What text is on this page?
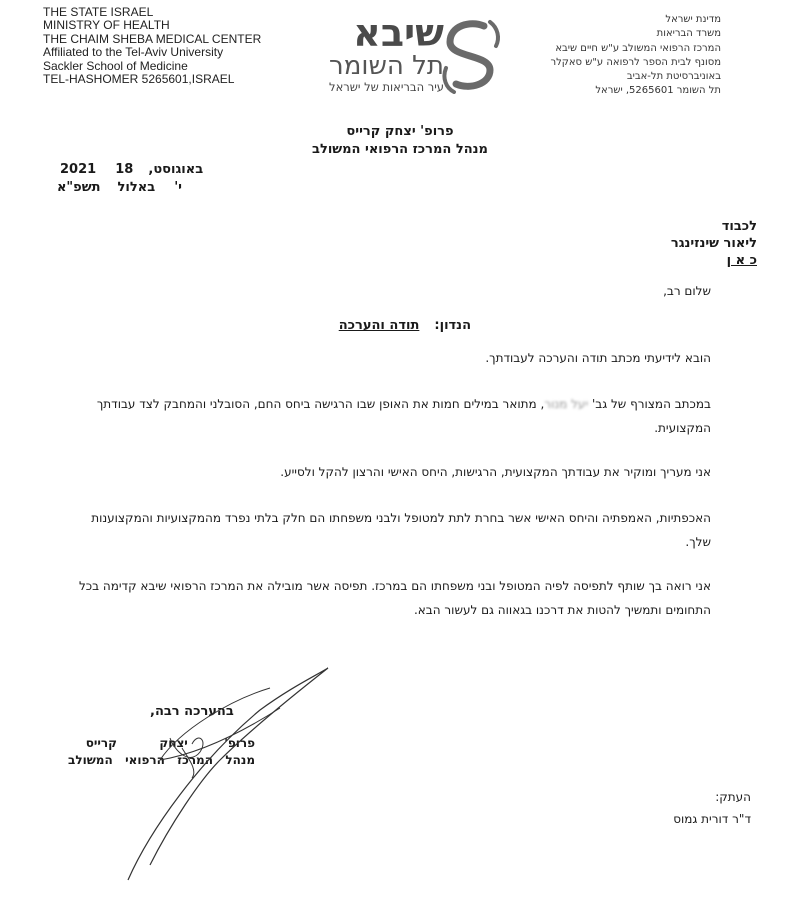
THE STATE ISRAEL
MINISTRY OF HEALTH
THE CHAIM SHEBA MEDICAL CENTER
Affiliated to the Tel-Aviv University
Sackler School of Medicine
TEL-HASHOMER 5265601,ISRAEL
שיבא
תל השומר
עיר הבריאות של ישראל
מדינת ישראל
משרד הבריאות
המרכז הרפואי המשולב ע"ש חיים שיבא
מסונף לבית הספר לרפואה ע"ש סאקלר
באוניברסיטת תל-אביב
תל השומר 5265601, ישראל
פרופ' יצחק קרייס
מנהל המרכז הרפואי המשולב
2021	באוגוסט,  18
י'  באלול  תשפ"א
לכבוד
ליאור שינזינגר
כ א ן
שלום רב,
הנדון:  תודה והערכה
הובא לידיעתי מכתב תודה והערכה לעבודתך.
במכתב המצורף של גב' יעל מנור, מתואר במילים חמות את האופן שבו הרגישה ביחס החם, הסובלני והמחבק לצד עבודתך
המקצועית.
אני מעריך ומוקיר את עבודתך המקצועית, הרגישות, היחס האישי והרצון להקל ולסייע.
האכפתיות, האמפתיה והיחס האישי אשר בחרת לתת למטופל ולבני משפחתו הם חלק בלתי נפרד מהמקצועיות והמקצוענות
שלך.
אני רואה בך שותף לתפיסה לפיה המטופל ובני משפחתו הם במרכז. תפיסה אשר מובילה את המרכז הרפואי שיבא קדימה בכל
התחומים ותמשיך להטות את דרכנו בגאווה גם לעשור הבא.
בהערכה רבה,
פרופ'  יצחק  קרייס
מנהל  המרכז  הרפואי  המשולב
העתק:
ד"ר דורית גמוס
